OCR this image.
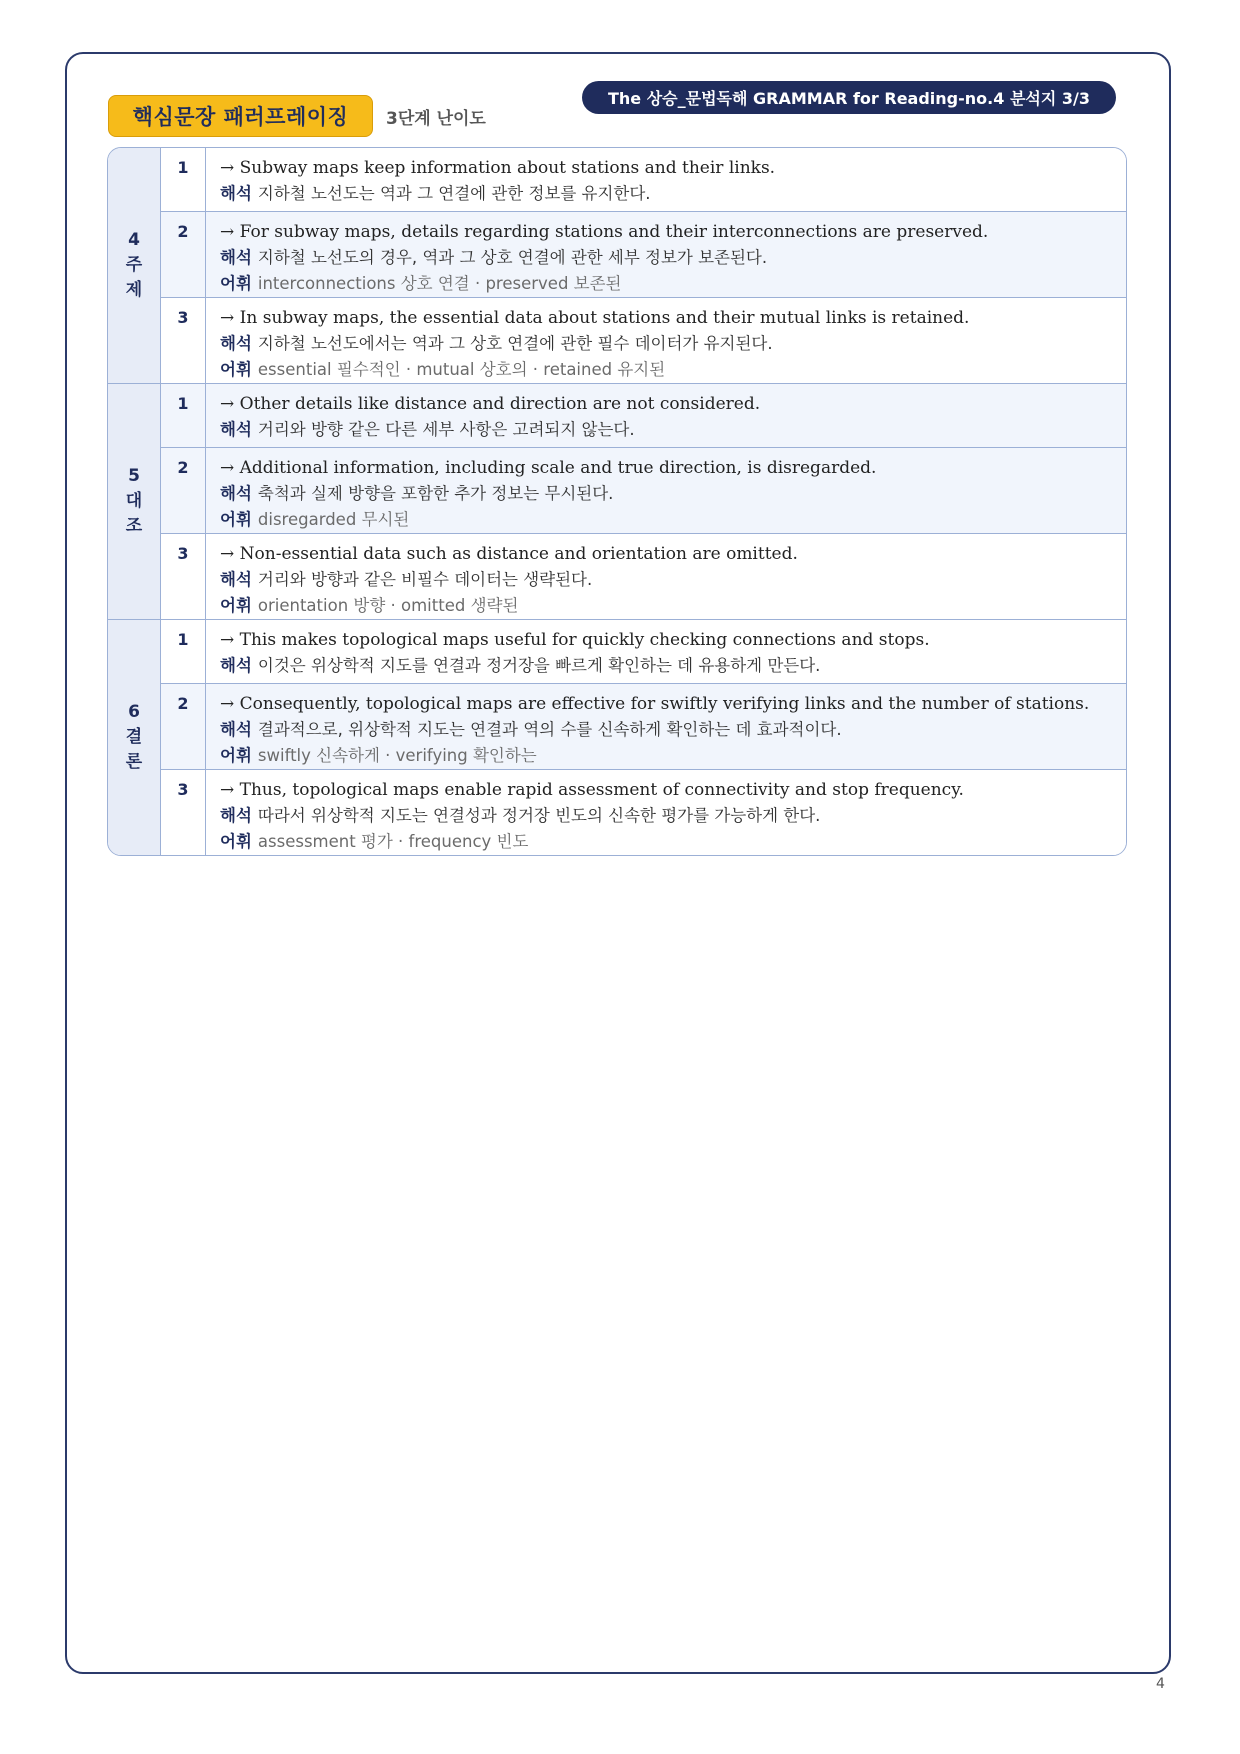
핵심문장 패러프레이징 3단계 난이도
The 상승_문법독해 GRAMMAR for Reading-no.4 분석지 3/3
4
주
제
1	→ Subway maps keep information about stations and their links.
해석 지하철 노선도는 역과 그 연결에 관한 정보를 유지한다.
2	→ For subway maps, details regarding stations and their interconnections are preserved.
해석 지하철 노선도의 경우, 역과 그 상호 연결에 관한 세부 정보가 보존된다.
어휘 interconnections 상호 연결 · preserved 보존된
3	→ In subway maps, the essential data about stations and their mutual links is retained.
해석 지하철 노선도에서는 역과 그 상호 연결에 관한 필수 데이터가 유지된다.
어휘 essential 필수적인 · mutual 상호의 · retained 유지된
5
대
조
1	→ Other details like distance and direction are not considered.
해석 거리와 방향 같은 다른 세부 사항은 고려되지 않는다.
2	→ Additional information, including scale and true direction, is disregarded.
해석 축척과 실제 방향을 포함한 추가 정보는 무시된다.
어휘 disregarded 무시된
3	→ Non-essential data such as distance and orientation are omitted.
해석 거리와 방향과 같은 비필수 데이터는 생략된다.
어휘 orientation 방향 · omitted 생략된
6
결
론
1	→ This makes topological maps useful for quickly checking connections and stops.
해석 이것은 위상학적 지도를 연결과 정거장을 빠르게 확인하는 데 유용하게 만든다.
2	→ Consequently, topological maps are effective for swiftly verifying links and the number of stations.
해석 결과적으로, 위상학적 지도는 연결과 역의 수를 신속하게 확인하는 데 효과적이다.
어휘 swiftly 신속하게 · verifying 확인하는
3	→ Thus, topological maps enable rapid assessment of connectivity and stop frequency.
해석 따라서 위상학적 지도는 연결성과 정거장 빈도의 신속한 평가를 가능하게 한다.
어휘 assessment 평가 · frequency 빈도
4
